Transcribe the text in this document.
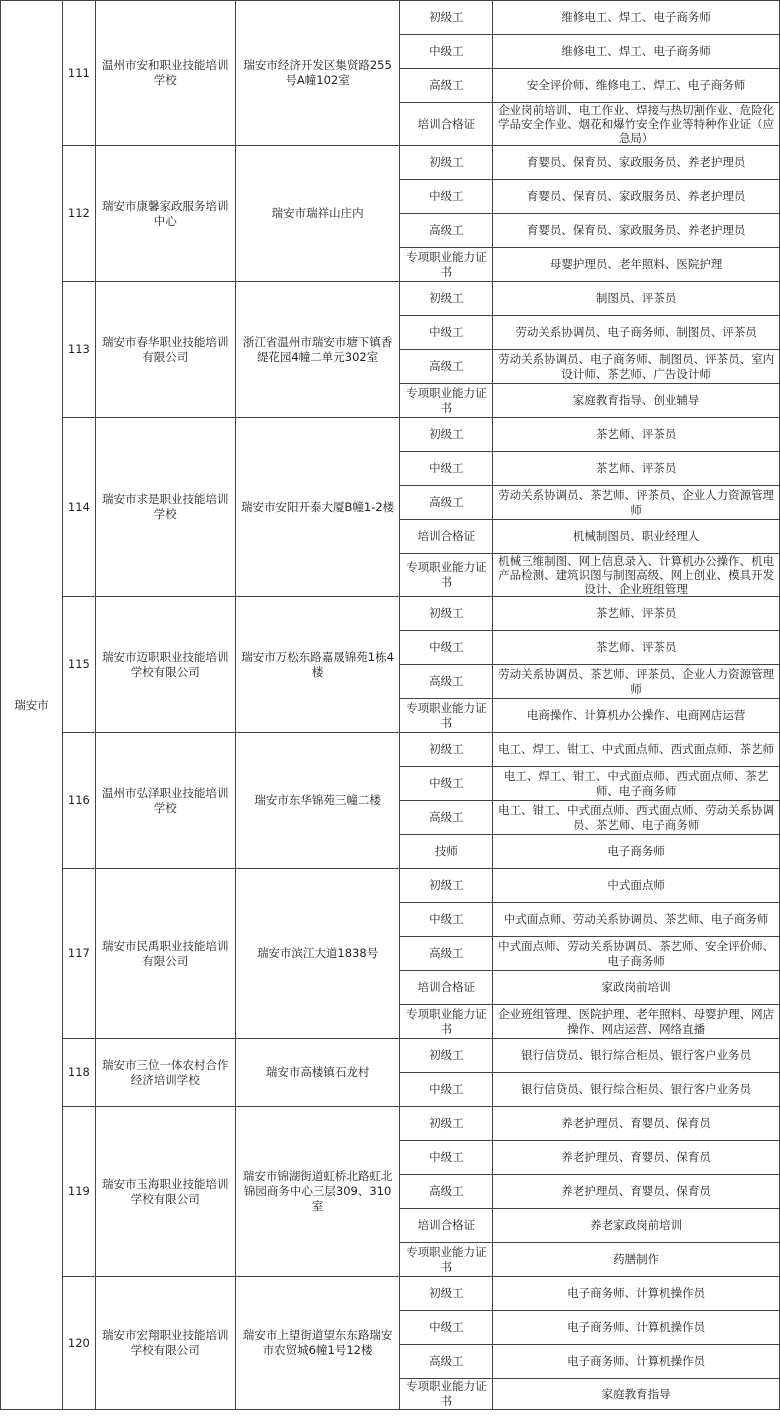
瑞安市	111	温州市安和职业技能培训学校	瑞安市经济开发区集贤路255号A幢102室	初级工	维修电工、焊工、电子商务师
				中级工	维修电工、焊工、电子商务师
				高级工	安全评价师、维修电工、焊工、电子商务师
				培训合格证	企业岗前培训、电工作业、焊接与热切割作业、危险化学品安全作业、烟花和爆竹安全作业等特种作业证（应急局）
	112	瑞安市康馨家政服务培训中心	瑞安市瑞祥山庄内	初级工	育婴员、保育员、家政服务员、养老护理员
				中级工	育婴员、保育员、家政服务员、养老护理员
				高级工	育婴员、保育员、家政服务员、养老护理员
				专项职业能力证书	母婴护理员、老年照料、医院护理
	113	瑞安市春华职业技能培训有限公司	浙江省温州市瑞安市塘下镇香缇花园4幢二单元302室	初级工	制图员、评茶员
				中级工	劳动关系协调员、电子商务师、制图员、评茶员
				高级工	劳动关系协调员、电子商务师、制图员、评茶员、室内设计师、茶艺师、广告设计师
				专项职业能力证书	家庭教育指导、创业辅导
	114	瑞安市求是职业技能培训学校	瑞安市安阳开泰大厦B幢1-2楼	初级工	茶艺师、评茶员
				中级工	茶艺师、评茶员
				高级工	劳动关系协调员、茶艺师、评茶员、企业人力资源管理师
				培训合格证	机械制图员、职业经理人
				专项职业能力证书	机械三维制图、网上信息录入、计算机办公操作、机电产品检测、建筑识图与制图高级、网上创业、模具开发设计、企业班组管理
	115	瑞安市迈职职业技能培训学校有限公司	瑞安市万松东路嘉晟锦苑1栋4楼	初级工	茶艺师、评茶员
				中级工	茶艺师、评茶员
				高级工	劳动关系协调员、茶艺师、评茶员、企业人力资源管理师
				专项职业能力证书	电商操作、计算机办公操作、电商网店运营
	116	温州市弘泽职业技能培训学校	瑞安市东华锦苑三幢二楼	初级工	电工、焊工、钳工、中式面点师、西式面点师、茶艺师
				中级工	电工、焊工、钳工、中式面点师、西式面点师、茶艺师、电子商务师
				高级工	电工、钳工、中式面点师、西式面点师、劳动关系协调员、茶艺师、电子商务师
				技师	电子商务师
	117	瑞安市民禹职业技能培训有限公司	瑞安市滨江大道1838号	初级工	中式面点师
				中级工	中式面点师、劳动关系协调员、茶艺师、电子商务师
				高级工	中式面点师、劳动关系协调员、茶艺师、安全评价师、电子商务师
				培训合格证	家政岗前培训
				专项职业能力证书	企业班组管理、医院护理、老年照料、母婴护理、网店操作、网店运营、网络直播
	118	瑞安市三位一体农村合作经济培训学校	瑞安市高楼镇石龙村	初级工	银行信贷员、银行综合柜员、银行客户业务员
				中级工	银行信贷员、银行综合柜员、银行客户业务员
	119	瑞安市玉海职业技能培训学校有限公司	瑞安市锦湖街道虹桥北路虹北锦园商务中心三层309、310室	初级工	养老护理员、育婴员、保育员
				中级工	养老护理员、育婴员、保育员
				高级工	养老护理员、育婴员、保育员
				培训合格证	养老家政岗前培训
				专项职业能力证书	药膳制作
	120	瑞安市宏翔职业技能培训学校有限公司	瑞安市上望街道望东东路瑞安市农贸城6幢1号12楼	初级工	电子商务师、计算机操作员
				中级工	电子商务师、计算机操作员
				高级工	电子商务师、计算机操作员
				专项职业能力证书	家庭教育指导
